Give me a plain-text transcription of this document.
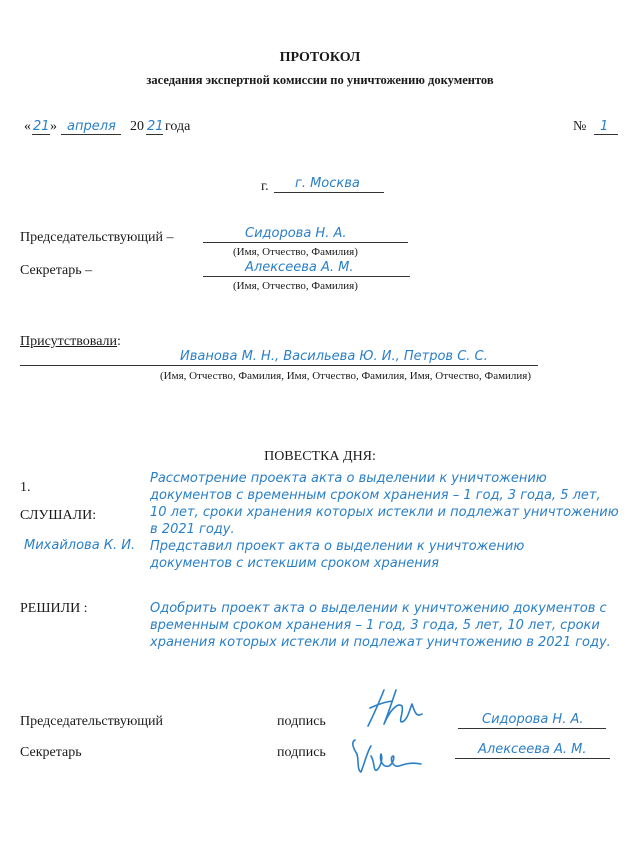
ПРОТОКОЛ
заседания экспертной комиссии по уничтожению документов
« 21 » апреля 20 21 года	№ 1
г. г. Москва
Председательствующий –	Сидорова Н. А.
(Имя, Отчество, Фамилия)
Секретарь –	Алексеева А. М.
(Имя, Отчество, Фамилия)
Присутствовали :
Иванова М. Н., Васильева Ю. И., Петров С. С.
(Имя, Отчество, Фамилия, Имя, Отчество, Фамилия, Имя, Отчество, Фамилия)
ПОВЕСТКА ДНЯ:
1.
Рассмотрение проекта акта о выделении к уничтожению документов с временным сроком хранения – 1 год, 3 года, 5 лет, 10 лет, сроки хранения которых истекли и подлежат уничтожению в 2021 году.
СЛУШАЛИ:
Михайлова К. И. Представил проект акта о выделении к уничтожению документов с истекшим сроком хранения
РЕШИЛИ :	Одобрить проект акта о выделении к уничтожению документов с временным сроком хранения – 1 год, 3 года, 5 лет, 10 лет, сроки хранения которых истекли и подлежат уничтожению в 2021 году.
Председательствующий	подпись	Сидорова Н. А.
Секретарь	подпись	Алексеева А. М.
